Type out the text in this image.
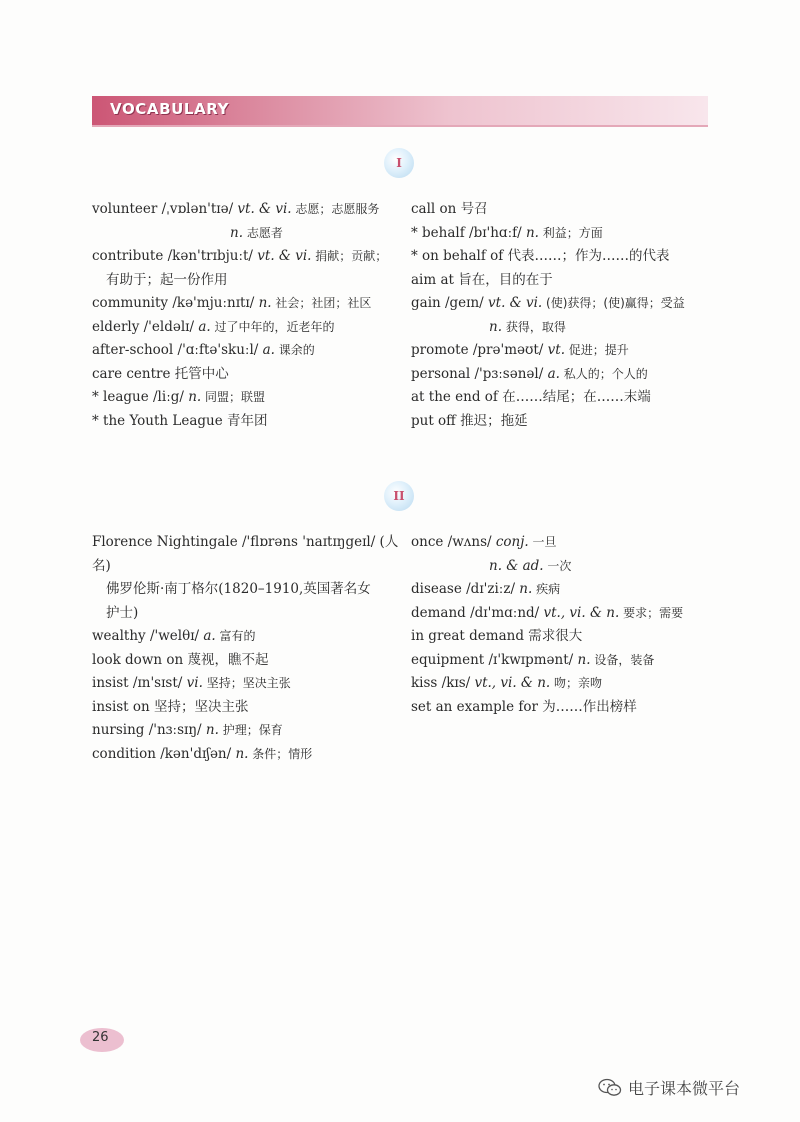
VOCABULARY
I
volunteer /ˌvɒlən'tɪə/ vt. & vi. 志愿；志愿服务
n. 志愿者
contribute /kən'trɪbjuːt/ vt. & vi. 捐献；贡献；
有助于；起一份作用
community /kə'mjuːnɪtɪ/ n. 社会；社团；社区
elderly /'eldəlɪ/ a. 过了中年的，近老年的
after-school /'ɑːftə'skuːl/ a. 课余的
care centre 托管中心
* league /liːg/ n. 同盟；联盟
* the Youth League 青年团
call on 号召
* behalf /bɪ'hɑːf/ n. 利益；方面
* on behalf of 代表……；作为……的代表
aim at 旨在，目的在于
gain /geɪn/ vt. & vi. (使)获得；(使)赢得；受益
n. 获得，取得
promote /prə'məʊt/ vt. 促进；提升
personal /'pɜːsənəl/ a. 私人的；个人的
at the end of 在……结尾；在……末端
put off 推迟；拖延
II
Florence Nightingale /'flɒrəns 'naɪtɪŋgeɪl/ (人名)
佛罗伦斯·南丁格尔(1820–1910,英国著名女
护士)
wealthy /'welθɪ/ a. 富有的
look down on 蔑视，瞧不起
insist /ɪn'sɪst/ vi. 坚持；坚决主张
insist on 坚持；坚决主张
nursing /'nɜːsɪŋ/ n. 护理；保育
condition /kən'dɪʃən/ n. 条件；情形
once /wʌns/ conj. 一旦
n. & ad. 一次
disease /dɪ'ziːz/ n. 疾病
demand /dɪ'mɑːnd/ vt., vi. & n. 要求；需要
in great demand 需求很大
equipment /ɪ'kwɪpmənt/ n. 设备，装备
kiss /kɪs/ vt., vi. & n. 吻；亲吻
set an example for 为……作出榜样
26
电子课本微平台
